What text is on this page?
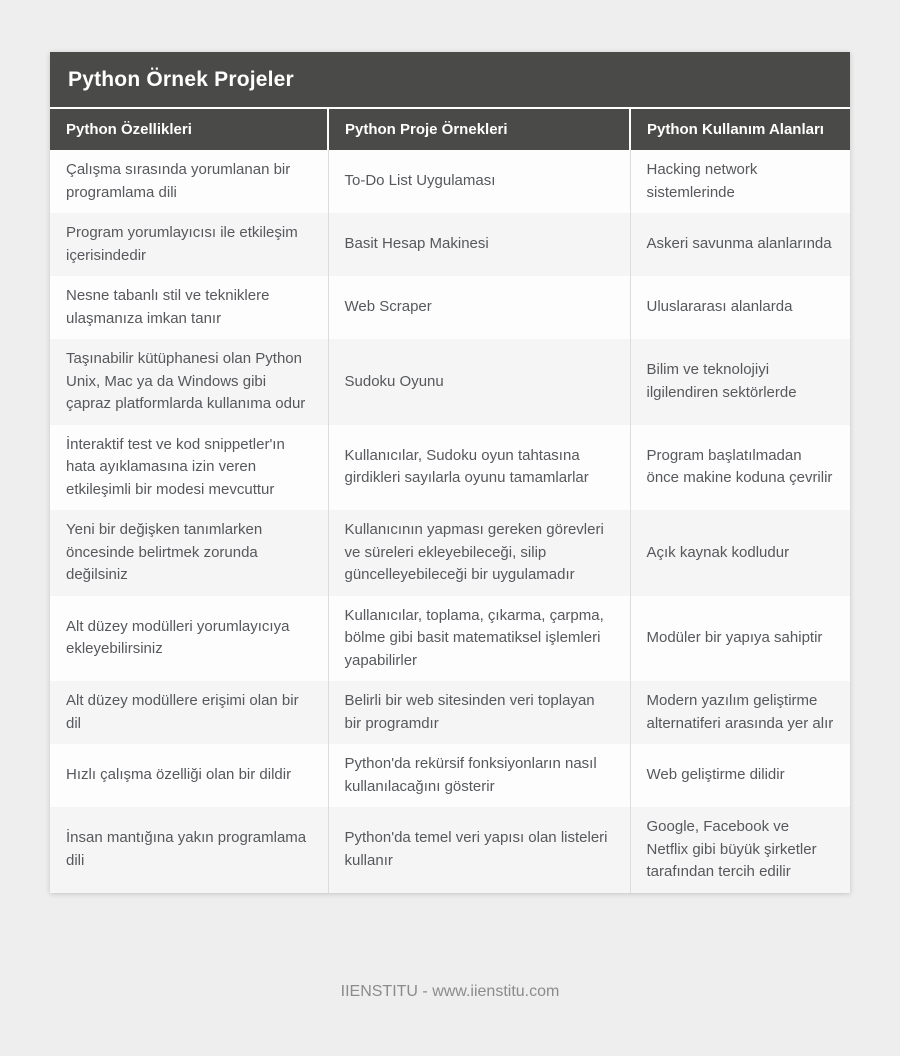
Python Örnek Projeler
Python Özellikleri	Python Proje Örnekleri	Python Kullanım Alanları
Çalışma sırasında yorumlanan bir programlama dili	To-Do List Uygulaması	Hacking network sistemlerinde
Program yorumlayıcısı ile etkileşim içerisindedir	Basit Hesap Makinesi	Askeri savunma alanlarında
Nesne tabanlı stil ve tekniklere ulaşmanıza imkan tanır	Web Scraper	Uluslararası alanlarda
Taşınabilir kütüphanesi olan Python Unix, Mac ya da Windows gibi çapraz platformlarda kullanıma odur	Sudoku Oyunu	Bilim ve teknolojiyi ilgilendiren sektörlerde
İnteraktif test ve kod snippetler'ın hata ayıklamasına izin veren etkileşimli bir modesi mevcuttur	Kullanıcılar, Sudoku oyun tahtasına girdikleri sayılarla oyunu tamamlarlar	Program başlatılmadan önce makine koduna çevrilir
Yeni bir değişken tanımlarken öncesinde belirtmek zorunda değilsiniz	Kullanıcının yapması gereken görevleri ve süreleri ekleyebileceği, silip güncelleyebileceği bir uygulamadır	Açık kaynak kodludur
Alt düzey modülleri yorumlayıcıya ekleyebilirsiniz	Kullanıcılar, toplama, çıkarma, çarpma, bölme gibi basit matematiksel işlemleri yapabilirler	Modüler bir yapıya sahiptir
Alt düzey modüllere erişimi olan bir dil	Belirli bir web sitesinden veri toplayan bir programdır	Modern yazılım geliştirme alternatiferi arasında yer alır
Hızlı çalışma özelliği olan bir dildir	Python'da rekürsif fonksiyonların nasıl kullanılacağını gösterir	Web geliştirme dilidir
İnsan mantığına yakın programlama dili	Python'da temel veri yapısı olan listeleri kullanır	Google, Facebook ve Netflix gibi büyük şirketler tarafından tercih edilir
IIENSTITU - www.iienstitu.com
